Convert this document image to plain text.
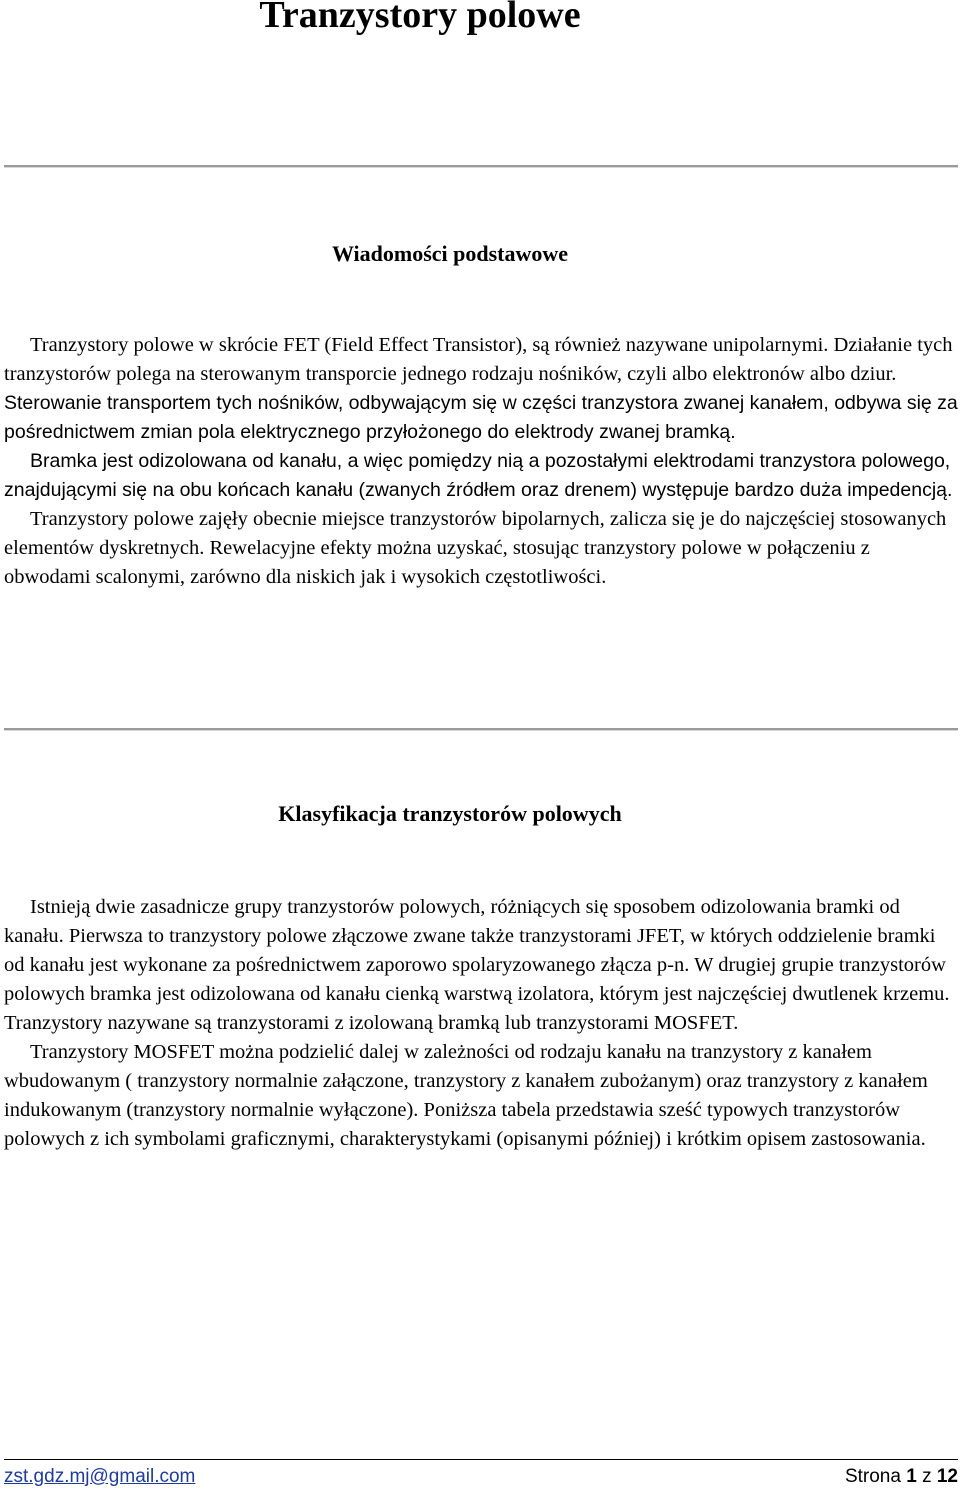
Tranzystory polowe
Wiadomości podstawowe

Tranzystory polowe w skrócie FET (Field Effect Transistor), są również nazywane unipolarnymi. Działanie tych tranzystorów polega na sterowanym transporcie jednego rodzaju nośników, czyli albo elektronów albo dziur. Sterowanie transportem tych nośników, odbywającym się w części tranzystora zwanej kanałem, odbywa się za pośrednictwem zmian pola elektrycznego przyłożonego do elektrody zwanej bramką.

Bramka jest odizolowana od kanału, a więc pomiędzy nią a pozostałymi elektrodami tranzystora polowego, znajdującymi się na obu końcach kanału (zwanych źródłem oraz drenem) występuje bardzo duża impedencją.

Tranzystory polowe zajęły obecnie miejsce tranzystorów bipolarnych, zalicza się je do najczęściej stosowanych elementów dyskretnych. Rewelacyjne efekty można uzyskać, stosując tranzystory polowe w połączeniu z obwodami scalonymi, zarówno dla niskich jak i wysokich częstotliwości.

Klasyfikacja tranzystorów polowych

Istnieją dwie zasadnicze grupy tranzystorów polowych, różniących się sposobem odizolowania bramki od kanału. Pierwsza to tranzystory polowe złączowe zwane także tranzystorami JFET, w których oddzielenie bramki od kanału jest wykonane za pośrednictwem zaporowo spolaryzowanego złącza p-n. W drugiej grupie tranzystorów polowych bramka jest odizolowana od kanału cienką warstwą izolatora, którym jest najczęściej dwutlenek krzemu. Tranzystory nazywane są tranzystorami z izolowaną bramką lub tranzystorami MOSFET.

Tranzystory MOSFET można podzielić dalej w zależności od rodzaju kanału na tranzystory z kanałem wbudowanym ( tranzystory normalnie załączone, tranzystory z kanałem zubożanym) oraz tranzystory z kanałem indukowanym (tranzystory normalnie wyłączone). Poniższa tabela przedstawia sześć typowych tranzystorów polowych z ich symbolami graficznymi, charakterystykami (opisanymi później) i krótkim opisem zastosowania.

zst.gdz.mj@gmail.com	Strona 1 z 12
